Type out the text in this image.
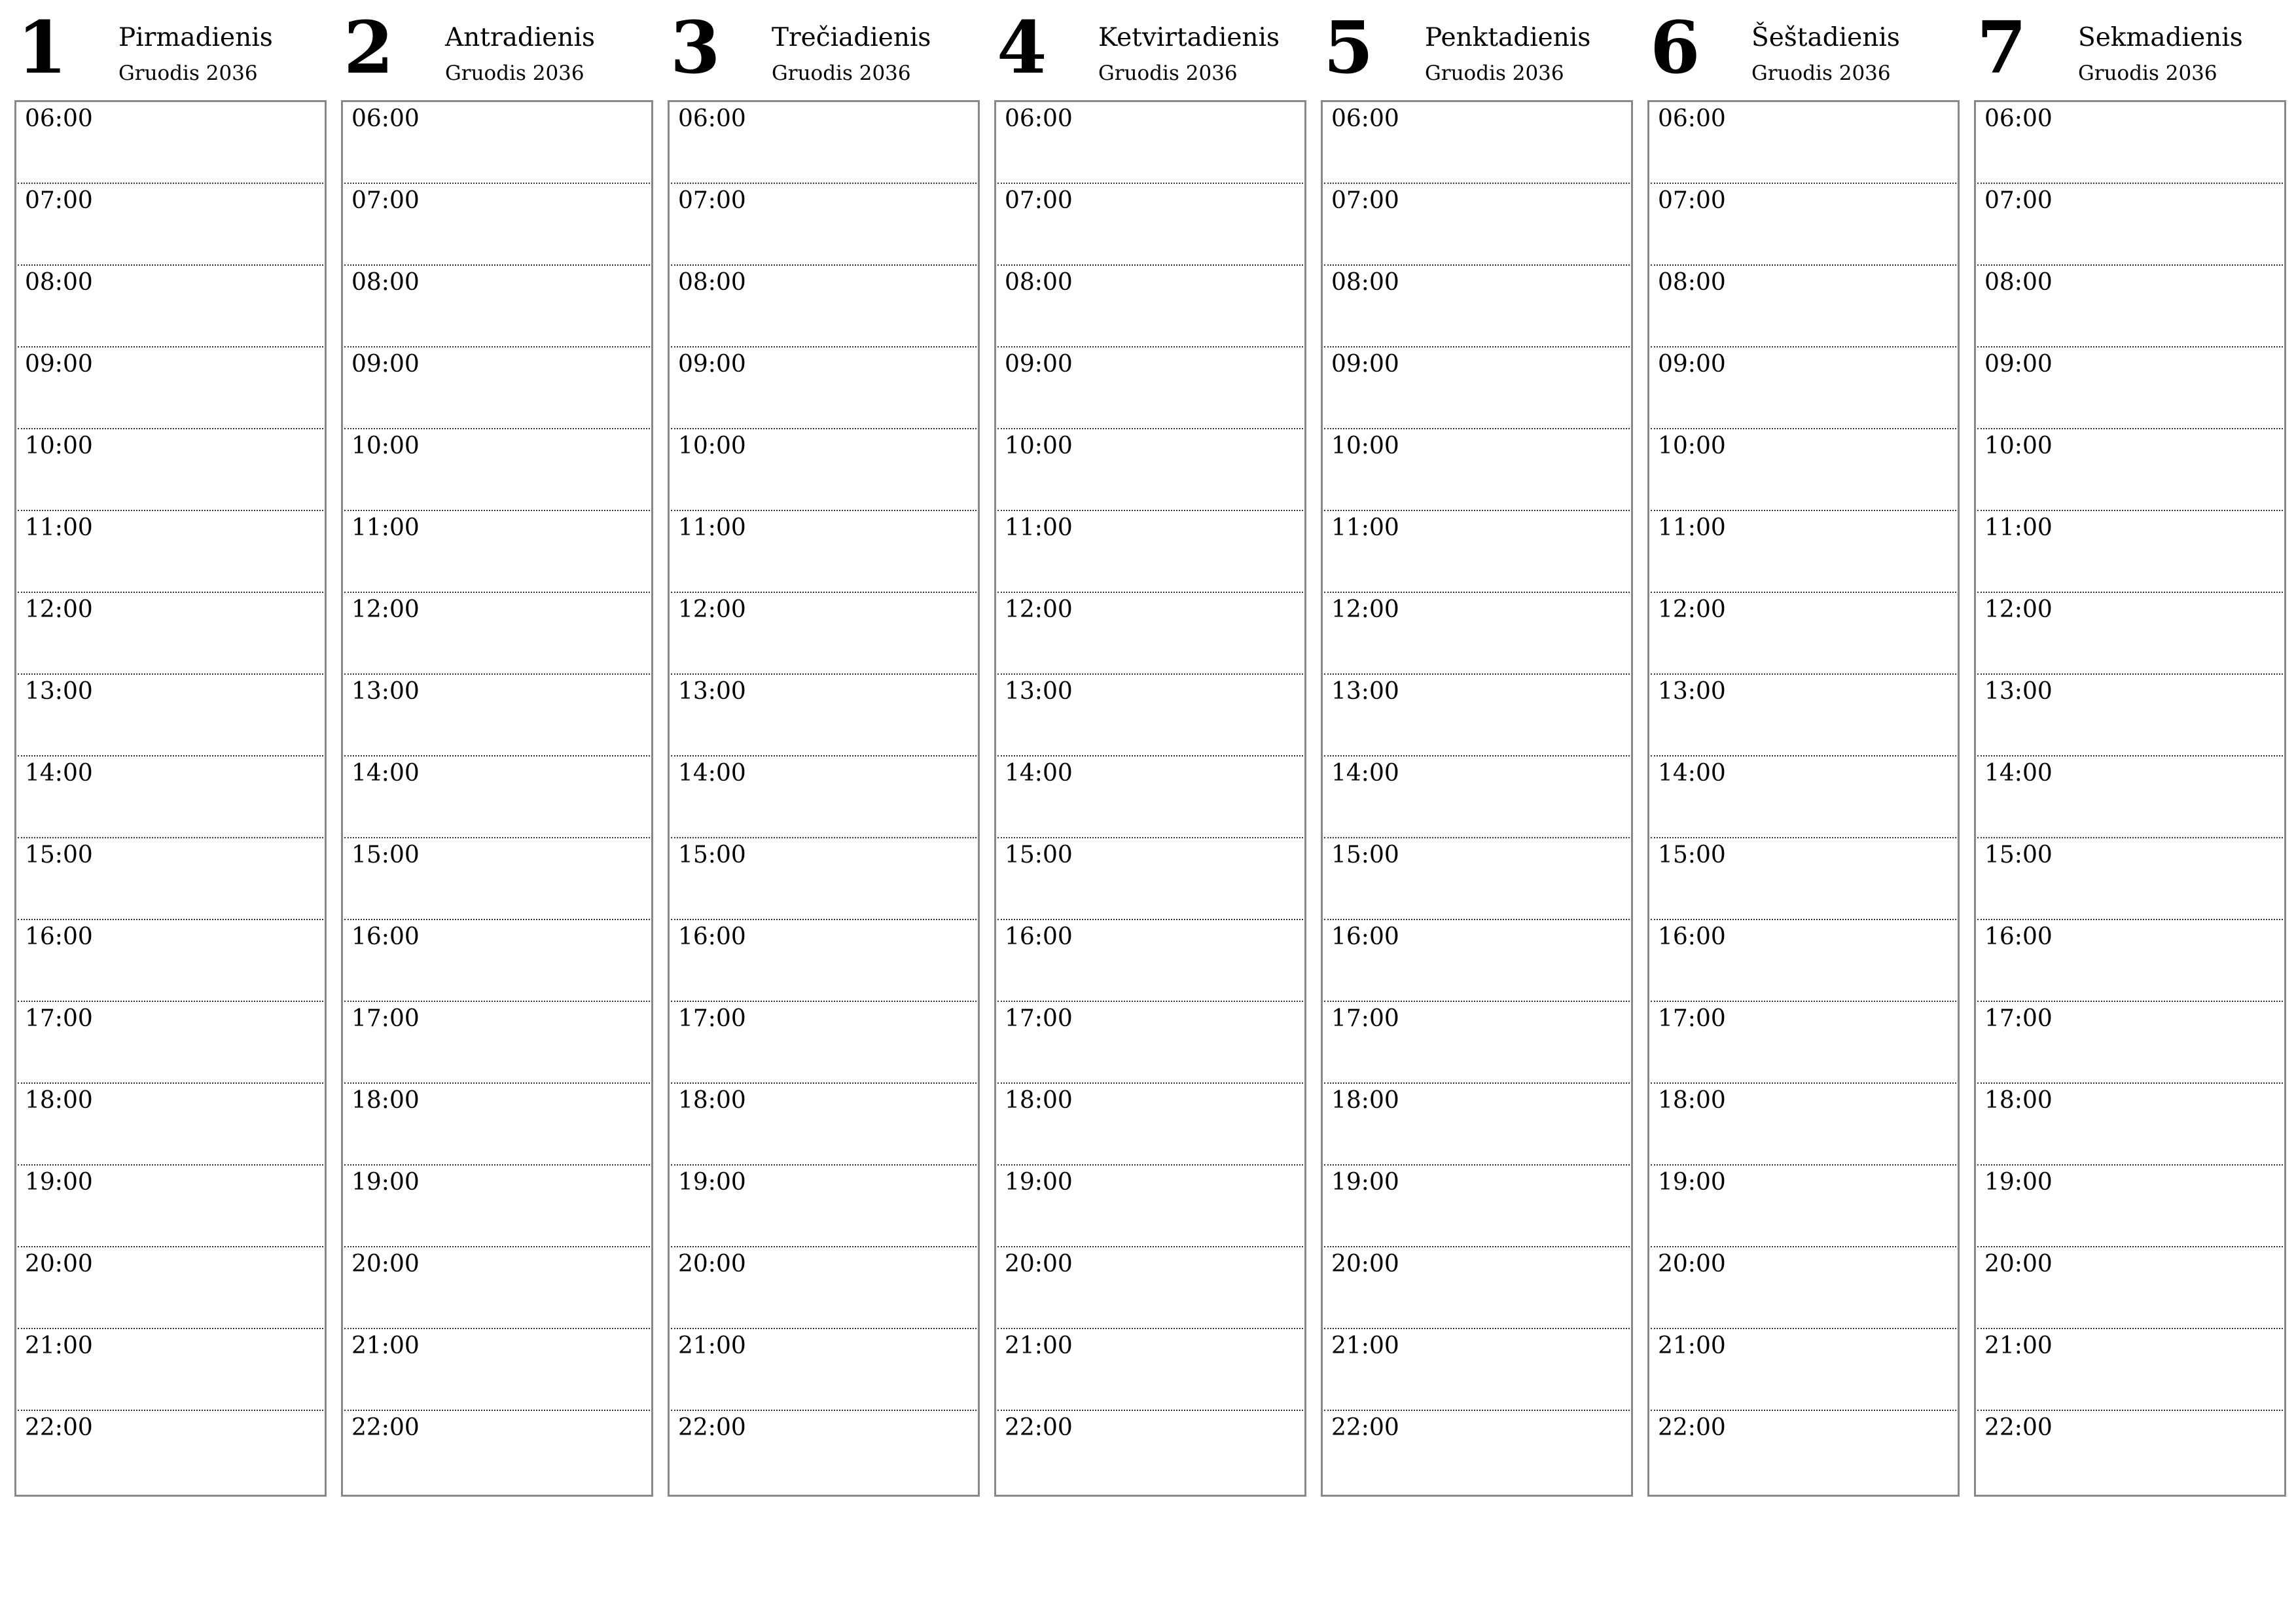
1 Pirmadienis
Gruodis 2036
06:00
07:00
08:00
09:00
10:00
11:00
12:00
13:00
14:00
15:00
16:00
17:00
18:00
19:00
20:00
21:00
22:00
2 Antradienis
Gruodis 2036
06:00
07:00
08:00
09:00
10:00
11:00
12:00
13:00
14:00
15:00
16:00
17:00
18:00
19:00
20:00
21:00
22:00
3 Trečiadienis
Gruodis 2036
06:00
07:00
08:00
09:00
10:00
11:00
12:00
13:00
14:00
15:00
16:00
17:00
18:00
19:00
20:00
21:00
22:00
4 Ketvirtadienis
Gruodis 2036
06:00
07:00
08:00
09:00
10:00
11:00
12:00
13:00
14:00
15:00
16:00
17:00
18:00
19:00
20:00
21:00
22:00
5 Penktadienis
Gruodis 2036
06:00
07:00
08:00
09:00
10:00
11:00
12:00
13:00
14:00
15:00
16:00
17:00
18:00
19:00
20:00
21:00
22:00
6 Šeštadienis
Gruodis 2036
06:00
07:00
08:00
09:00
10:00
11:00
12:00
13:00
14:00
15:00
16:00
17:00
18:00
19:00
20:00
21:00
22:00
7 Sekmadienis
Gruodis 2036
06:00
07:00
08:00
09:00
10:00
11:00
12:00
13:00
14:00
15:00
16:00
17:00
18:00
19:00
20:00
21:00
22:00
